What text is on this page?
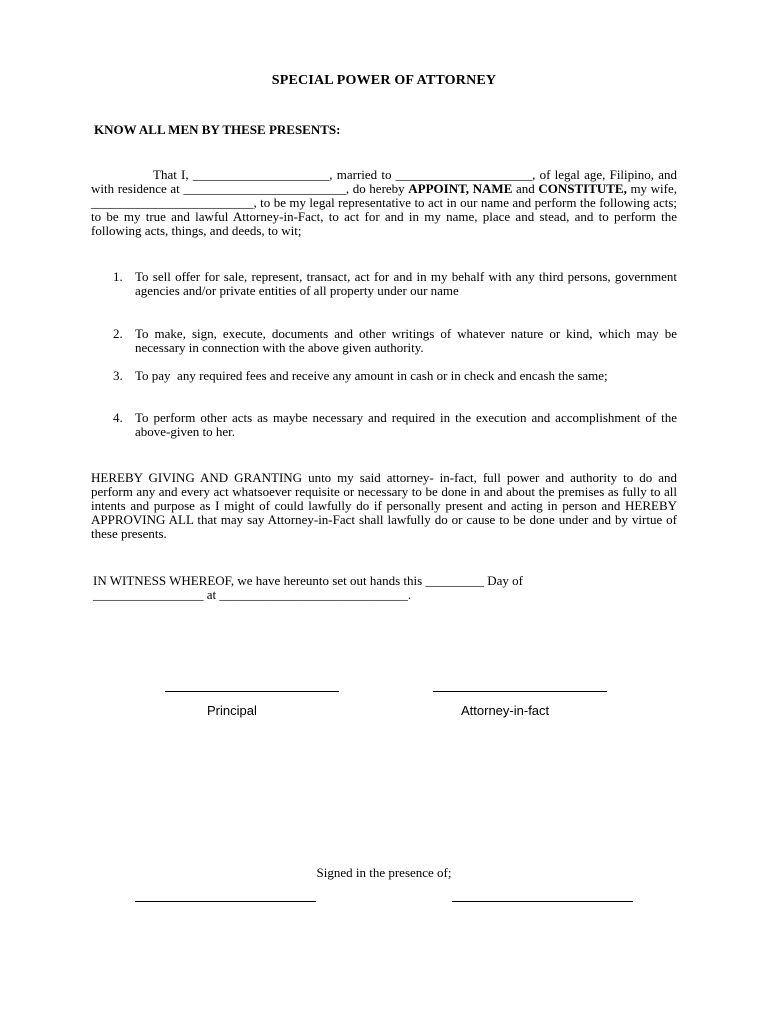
SPECIAL POWER OF ATTORNEY
KNOW ALL MEN BY THESE PRESENTS:
That I, _____________________, married to _____________________, of legal age, Filipino, and with residence at _________________________, do hereby APPOINT, NAME and CONSTITUTE, my wife, _________________________, to be my legal representative to act in our name and perform the following acts; to be my true and lawful Attorney-in-Fact, to act for and in my name, place and stead, and to perform the following acts, things, and deeds, to wit;
1. To sell offer for sale, represent, transact, act for and in my behalf with any third persons, government agencies and/or private entities of all property under our name
2. To make, sign, execute, documents and other writings of whatever nature or kind, which may be necessary in connection with the above given authority.
3. To pay  any required fees and receive any amount in cash or in check and encash the same;
4. To perform other acts as maybe necessary and required in the execution and accomplishment of the above-given to her.
HEREBY GIVING AND GRANTING unto my said attorney- in-fact, full power and authority to do and perform any and every act whatsoever requisite or necessary to be done in and about the premises as fully to all intents and purpose as I might of could lawfully do if personally present and acting in person and HEREBY APPROVING ALL that may say Attorney-in-Fact shall lawfully do or cause to be done under and by virtue of these presents.
IN WITNESS WHEREOF, we have hereunto set out hands this _________ Day of _________________ at _____________________________.
Principal	Attorney-in-fact
Signed in the presence of;
